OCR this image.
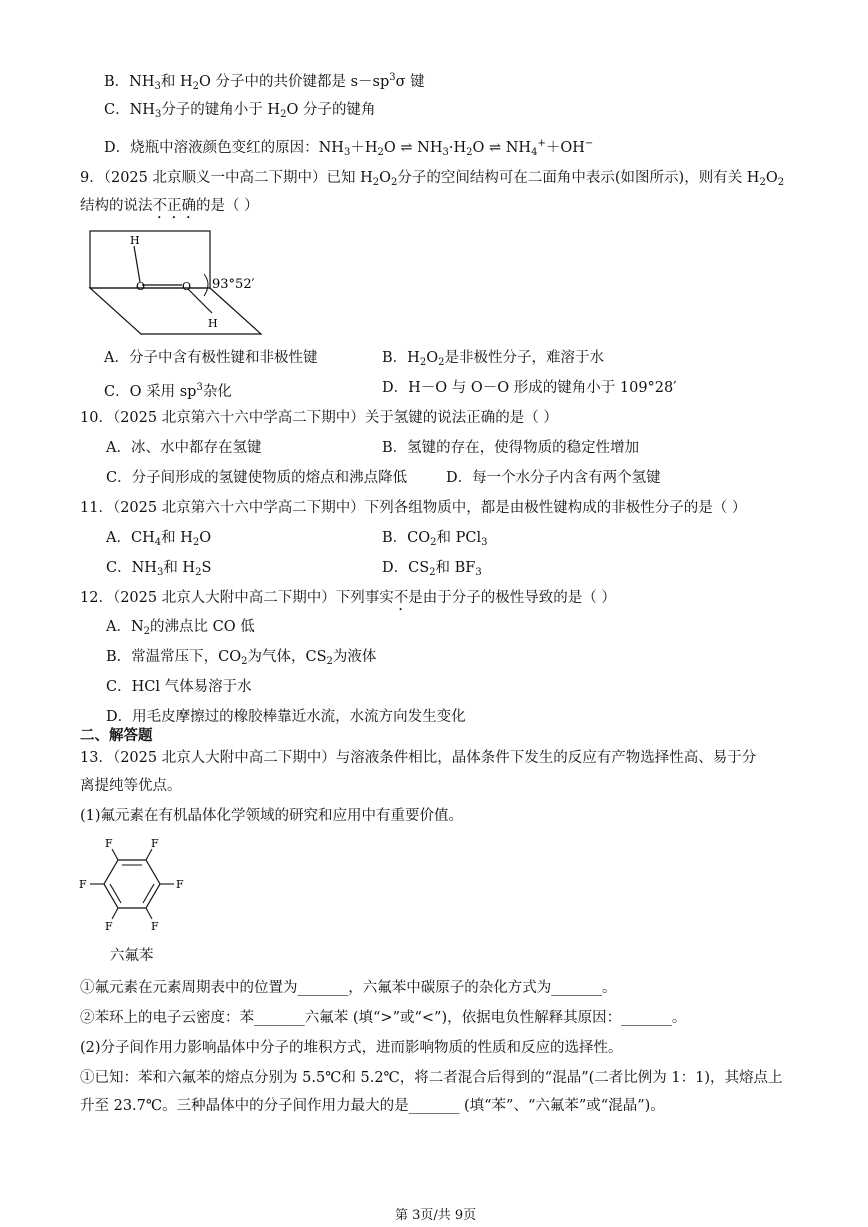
B．$NH_3$和 $H_2O$ 分子中的共价键都是 $s-sp^3\sigma$ 键
C．$NH_3$分子的键角小于 $H_2O$ 分子的键角
D．烧瓶中溶液颜色变红的原因：$NH_3+H_2O$ ⇌ $NH_3\cdot H_2O$ ⇌ $NH_4^++OH^-$
9．（2025 北京顺义一中高二下期中）已知 $H_2O_2$分子的空间结构可在二面角中表示(如图所示)，则有关 $H_2O_2$
结构的说法不正确的是（ ）
H
O	O
H
93°52′
A．分子中含有极性键和非极性键	B．$H_2O_2$是非极性分子，难溶于水
C．O 采用 $sp^3$杂化	D．H－O 与 O－O 形成的键角小于 109°28′
10．（2025 北京第六十六中学高二下期中）关于氢键的说法正确的是（ ）
A．冰、水中都存在氢键	B．氢键的存在，使得物质的稳定性增加
C．分子间形成的氢键使物质的熔点和沸点降低	D．每一个水分子内含有两个氢键
11．（2025 北京第六十六中学高二下期中）下列各组物质中，都是由极性键构成的非极性分子的是（ ）
A．$CH_4$和 $H_2O$	B．$CO_2$和 PCl$_3$
C．$NH_3$和 $H_2S$	D．$CS_2$和 $BF_3$
12．（2025 北京人大附中高二下期中）下列事实不是由于分子的极性导致的是（ ）
A．$N_2$的沸点比 CO 低
B．常温常压下，$CO_2$为气体，$CS_2$为液体
C．HCl 气体易溶于水
D．用毛皮摩擦过的橡胶棒靠近水流，水流方向发生变化
二、解答题
13．（2025 北京人大附中高二下期中）与溶液条件相比，晶体条件下发生的反应有产物选择性高、易于分
离提纯等优点。
(1)氟元素在有机晶体化学领域的研究和应用中有重要价值。
F	F
F
F
F
F
六氟苯
①氟元素在元素周期表中的位置为_______，六氟苯中碳原子的杂化方式为_______。
②苯环上的电子云密度：苯_______六氟苯 (填“>”或“<”)，依据电负性解释其原因：_______。
(2)分子间作用力影响晶体中分子的堆积方式，进而影响物质的性质和反应的选择性。
①已知：苯和六氟苯的熔点分别为 5.5℃和 5.2℃，将二者混合后得到的“混晶”(二者比例为 1：1)，其熔点上
升至 23.7℃。三种晶体中的分子间作用力最大的是_______ (填“苯”、“六氟苯”或“混晶”)。
第 3页/共 9页
